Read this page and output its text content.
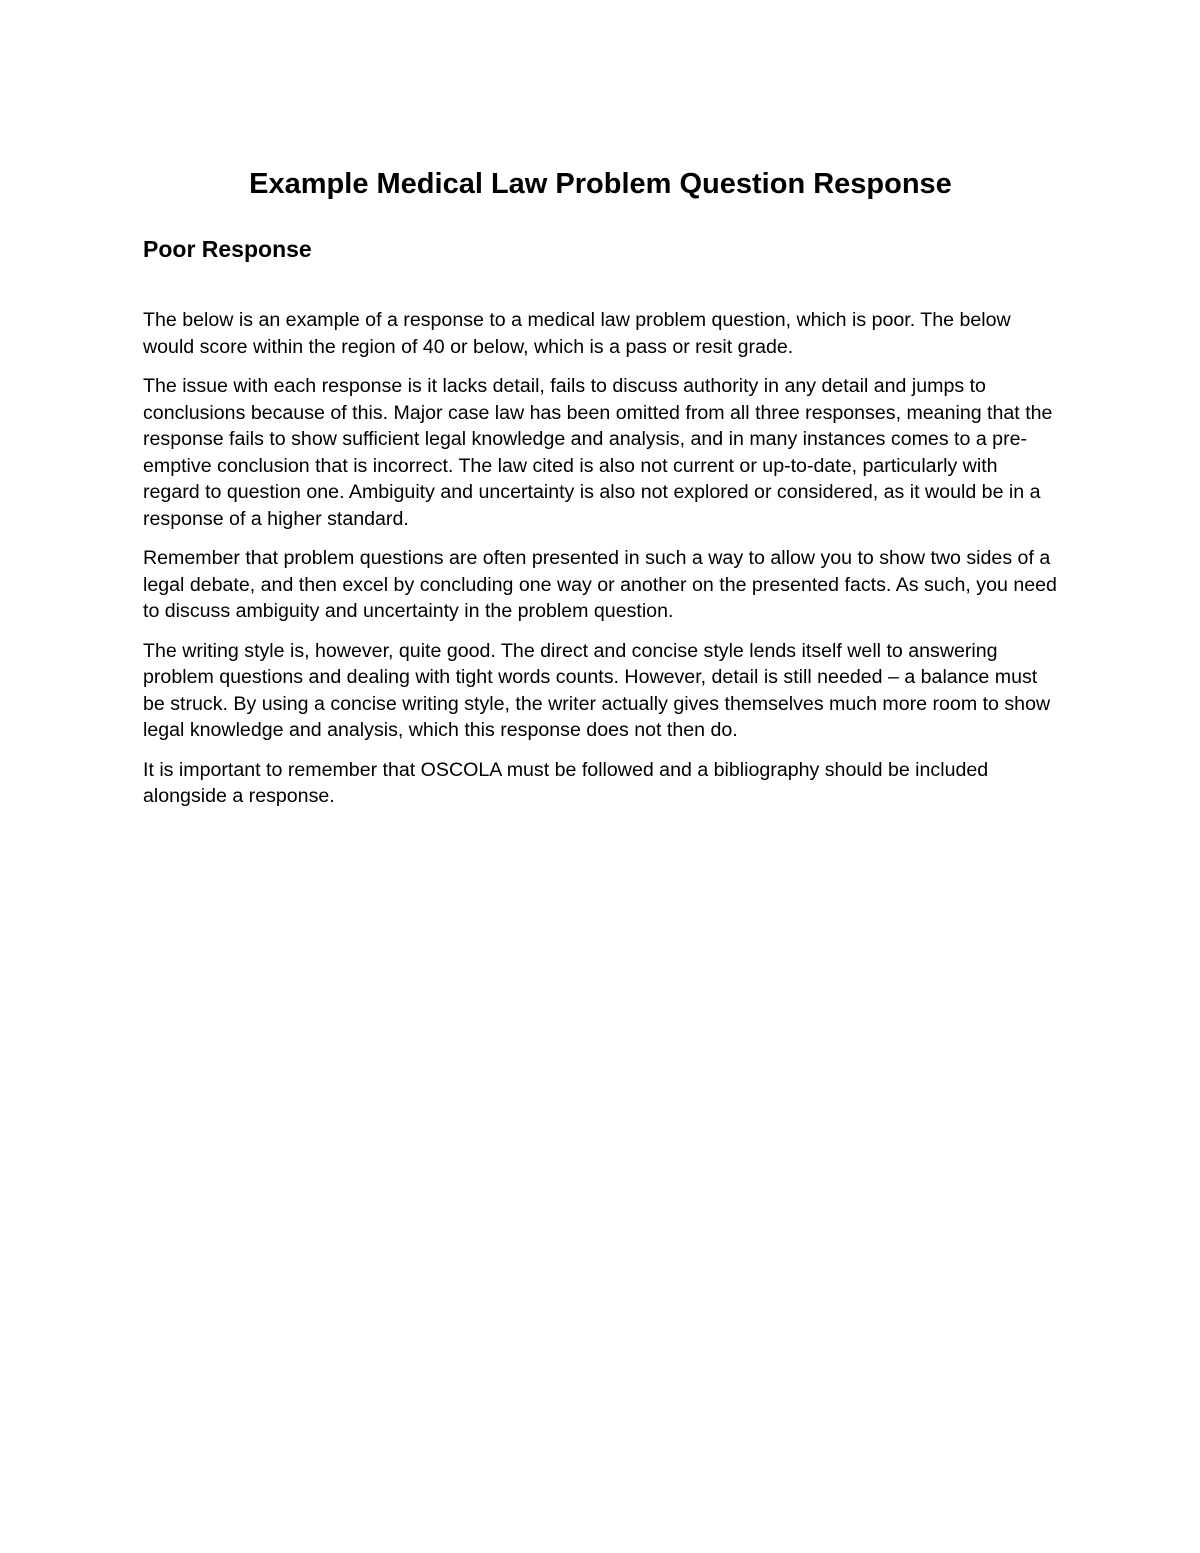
Example Medical Law Problem Question Response
Poor Response

The below is an example of a response to a medical law problem question, which is poor. The below would score within the region of 40 or below, which is a pass or resit grade.

The issue with each response is it lacks detail, fails to discuss authority in any detail and jumps to conclusions because of this. Major case law has been omitted from all three responses, meaning that the response fails to show sufficient legal knowledge and analysis, and in many instances comes to a pre-emptive conclusion that is incorrect. The law cited is also not current or up-to-date, particularly with regard to question one. Ambiguity and uncertainty is also not explored or considered, as it would be in a response of a higher standard.

Remember that problem questions are often presented in such a way to allow you to show two sides of a legal debate, and then excel by concluding one way or another on the presented facts. As such, you need to discuss ambiguity and uncertainty in the problem question.

The writing style is, however, quite good. The direct and concise style lends itself well to answering problem questions and dealing with tight words counts. However, detail is still needed – a balance must be struck. By using a concise writing style, the writer actually gives themselves much more room to show legal knowledge and analysis, which this response does not then do.

It is important to remember that OSCOLA must be followed and a bibliography should be included alongside a response.
